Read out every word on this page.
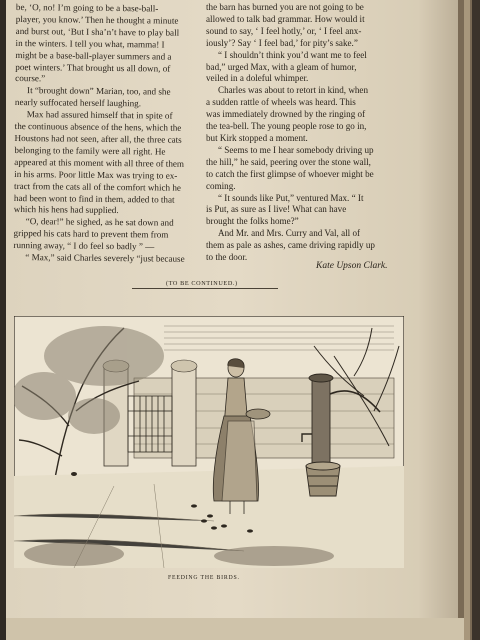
be, ‘O, no! I’m going to be a base-ball-

player, you know.’ Then he thought a minute

and burst out, ‘But I sha’n’t have to play ball

in the winters. I tell you what, mamma! I

might be a base-ball-player summers and a

poet winters.’ That brought us all down, of

course.”

It “brought down” Marian, too, and she

nearly suffocated herself laughing.

Max had assured himself that in spite of

the continuous absence of the hens, which the

Houstons had not seen, after all, the three cats

belonging to the family were all right. He

appeared at this moment with all three of them

in his arms. Poor little Max was trying to ex-

tract from the cats all of the comfort which he

had been wont to find in them, added to that

which his hens had supplied.

“O, dear!” he sighed, as he sat down and

gripped his cats hard to prevent them from

running away, “ I do feel so badly ” —

“ Max,” said Charles severely “just because

the barn has burned you are not going to be

allowed to talk bad grammar. How would it

sound to say, ‘ I feel hotly,’ or, ‘ I feel anx-

iously’? Say ‘ I feel bad,’ for pity’s sake.”

“ I shouldn’t think you’d want me to feel

bad,” urged Max, with a gleam of humor,

veiled in a doleful whimper.

Charles was about to retort in kind, when

a sudden rattle of wheels was heard. This

was immediately drowned by the ringing of

the tea-bell. The young people rose to go in,

but Kirk stopped a moment.

“ Seems to me I hear somebody driving up

the hill,” he said, peering over the stone wall,

to catch the first glimpse of whoever might be

coming.

“ It sounds like Put,” ventured Max. “ It

is Put, as sure as I live! What can have

brought the folks home?”

And Mr. and Mrs. Curry and Val, all of

them as pale as ashes, came driving rapidly up

to the door.

(TO BE CONTINUED.)
Kate Upson Clark.
FEEDING THE BIRDS.
